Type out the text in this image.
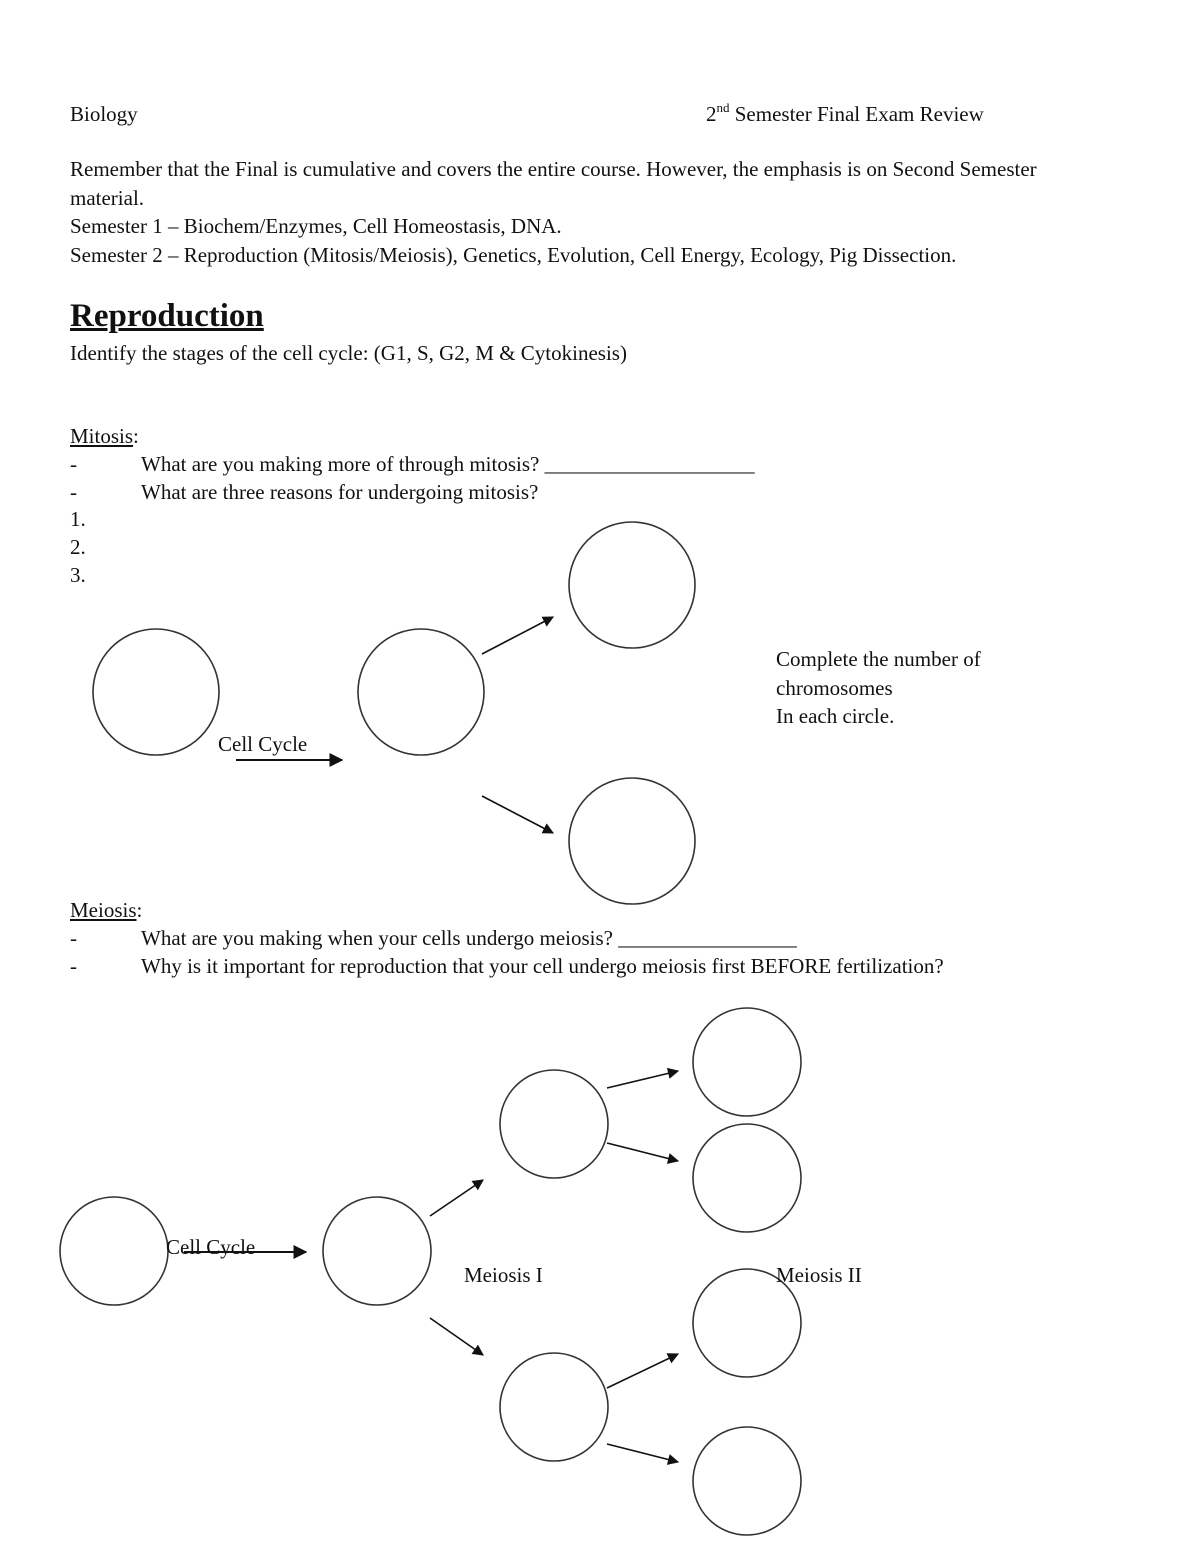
Biology	2nd Semester Final Exam Review

Remember that the Final is cumulative and covers the entire course. However, the emphasis is on Second Semester material.

Semester 1 – Biochem/Enzymes, Cell Homeostasis, DNA.

Semester 2 – Reproduction (Mitosis/Meiosis), Genetics, Evolution, Cell Energy, Ecology, Pig Dissection.

Reproduction
Identify the stages of the cell cycle: (G1, S, G2, M & Cytokinesis)
Mitosis:
-	What are you making more of through mitosis? ____________________
-	What are three reasons for undergoing mitosis?
1.
2.
3.
Complete the number of
chromosomes
In each circle.
Meiosis:
-	What are you making when your cells undergo meiosis? _________________
-	Why is it important for reproduction that your cell undergo meiosis first BEFORE fertilization?
Cell Cycle
Cell Cycle
Meiosis I	Meiosis II
